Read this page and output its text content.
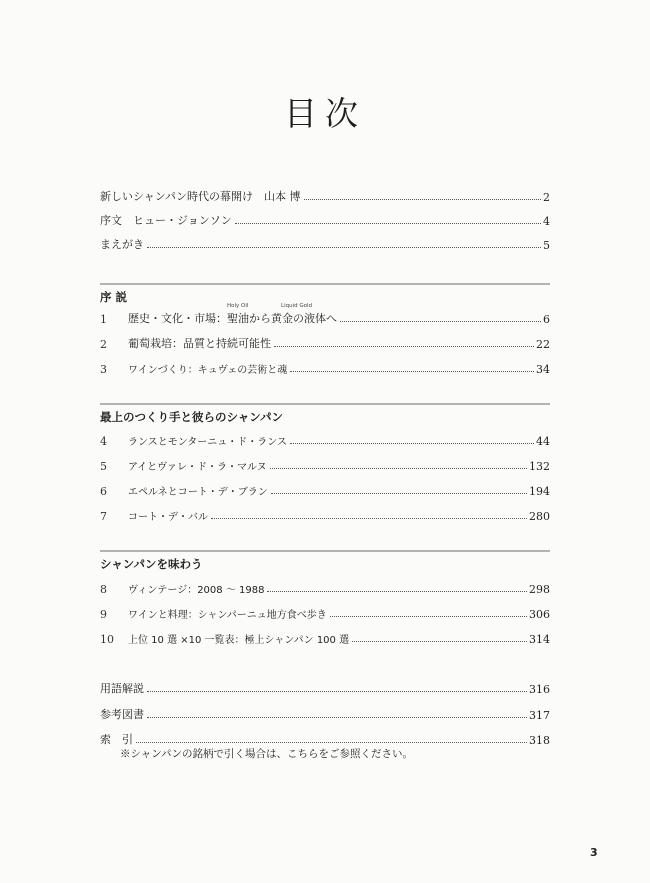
目次
新しいシャンパン時代の幕開け　山本 博	2
序文　ヒュー・ジョンソン	4
まえがき	5
序 説
Holy Oil	Liquid Gold
1	歴史・文化・市場：聖油から黄金の液体へ	6
2	葡萄栽培：品質と持続可能性	22
3	ワインづくり：キュヴェの芸術と魂	34
最上のつくり手と彼らのシャンパン
4	ランスとモンターニュ・ド・ランス	44
5	アイとヴァレ・ド・ラ・マルヌ	132
6	エペルネとコート・デ・ブラン	194
7	コート・デ・バル	280
シャンパンを味わう
8	ヴィンテージ：2008 ～ 1988	298
9	ワインと料理：シャンパーニュ地方食べ歩き	306
10	上位 10 選 ×10 一覧表：極上シャンパン 100 選	314
用語解説	316
参考図書	317
索　引	318
※シャンパンの銘柄で引く場合は、こちらをご参照ください。
3
